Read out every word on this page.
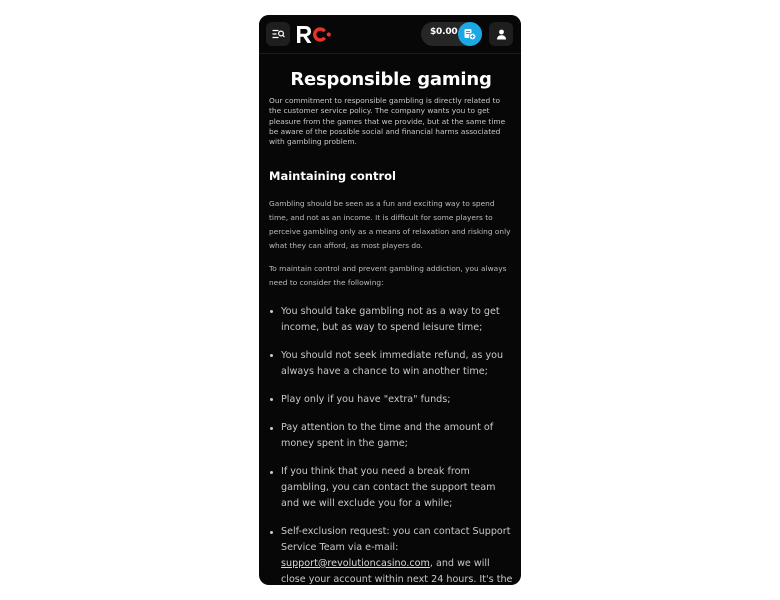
$0.00
Responsible gaming

Our commitment to responsible gambling is directly related to the customer service policy. The company wants you to get pleasure from the games that we provide, but at the same time be aware of the possible social and financial harms associated with gambling problem.

Maintaining control

Gambling should be seen as a fun and exciting way to spend time, and not as an income. It is difficult for some players to perceive gambling only as a means of relaxation and risking only what they can afford, as most players do.

To maintain control and prevent gambling addiction, you always need to consider the following:

You should take gambling not as a way to get income, but as way to spend leisure time;
You should not seek immediate refund, as you always have a chance to win another time;
Play only if you have "extra" funds;
Pay attention to the time and the amount of money spent in the game;
If you think that you need a break from gambling, you can contact the support team and we will exclude you for a while;
Self-exclusion request: you can contact Support Service Team via e-mail: support@revolutioncasino.com, and we will close your account within next 24 hours. It's the
